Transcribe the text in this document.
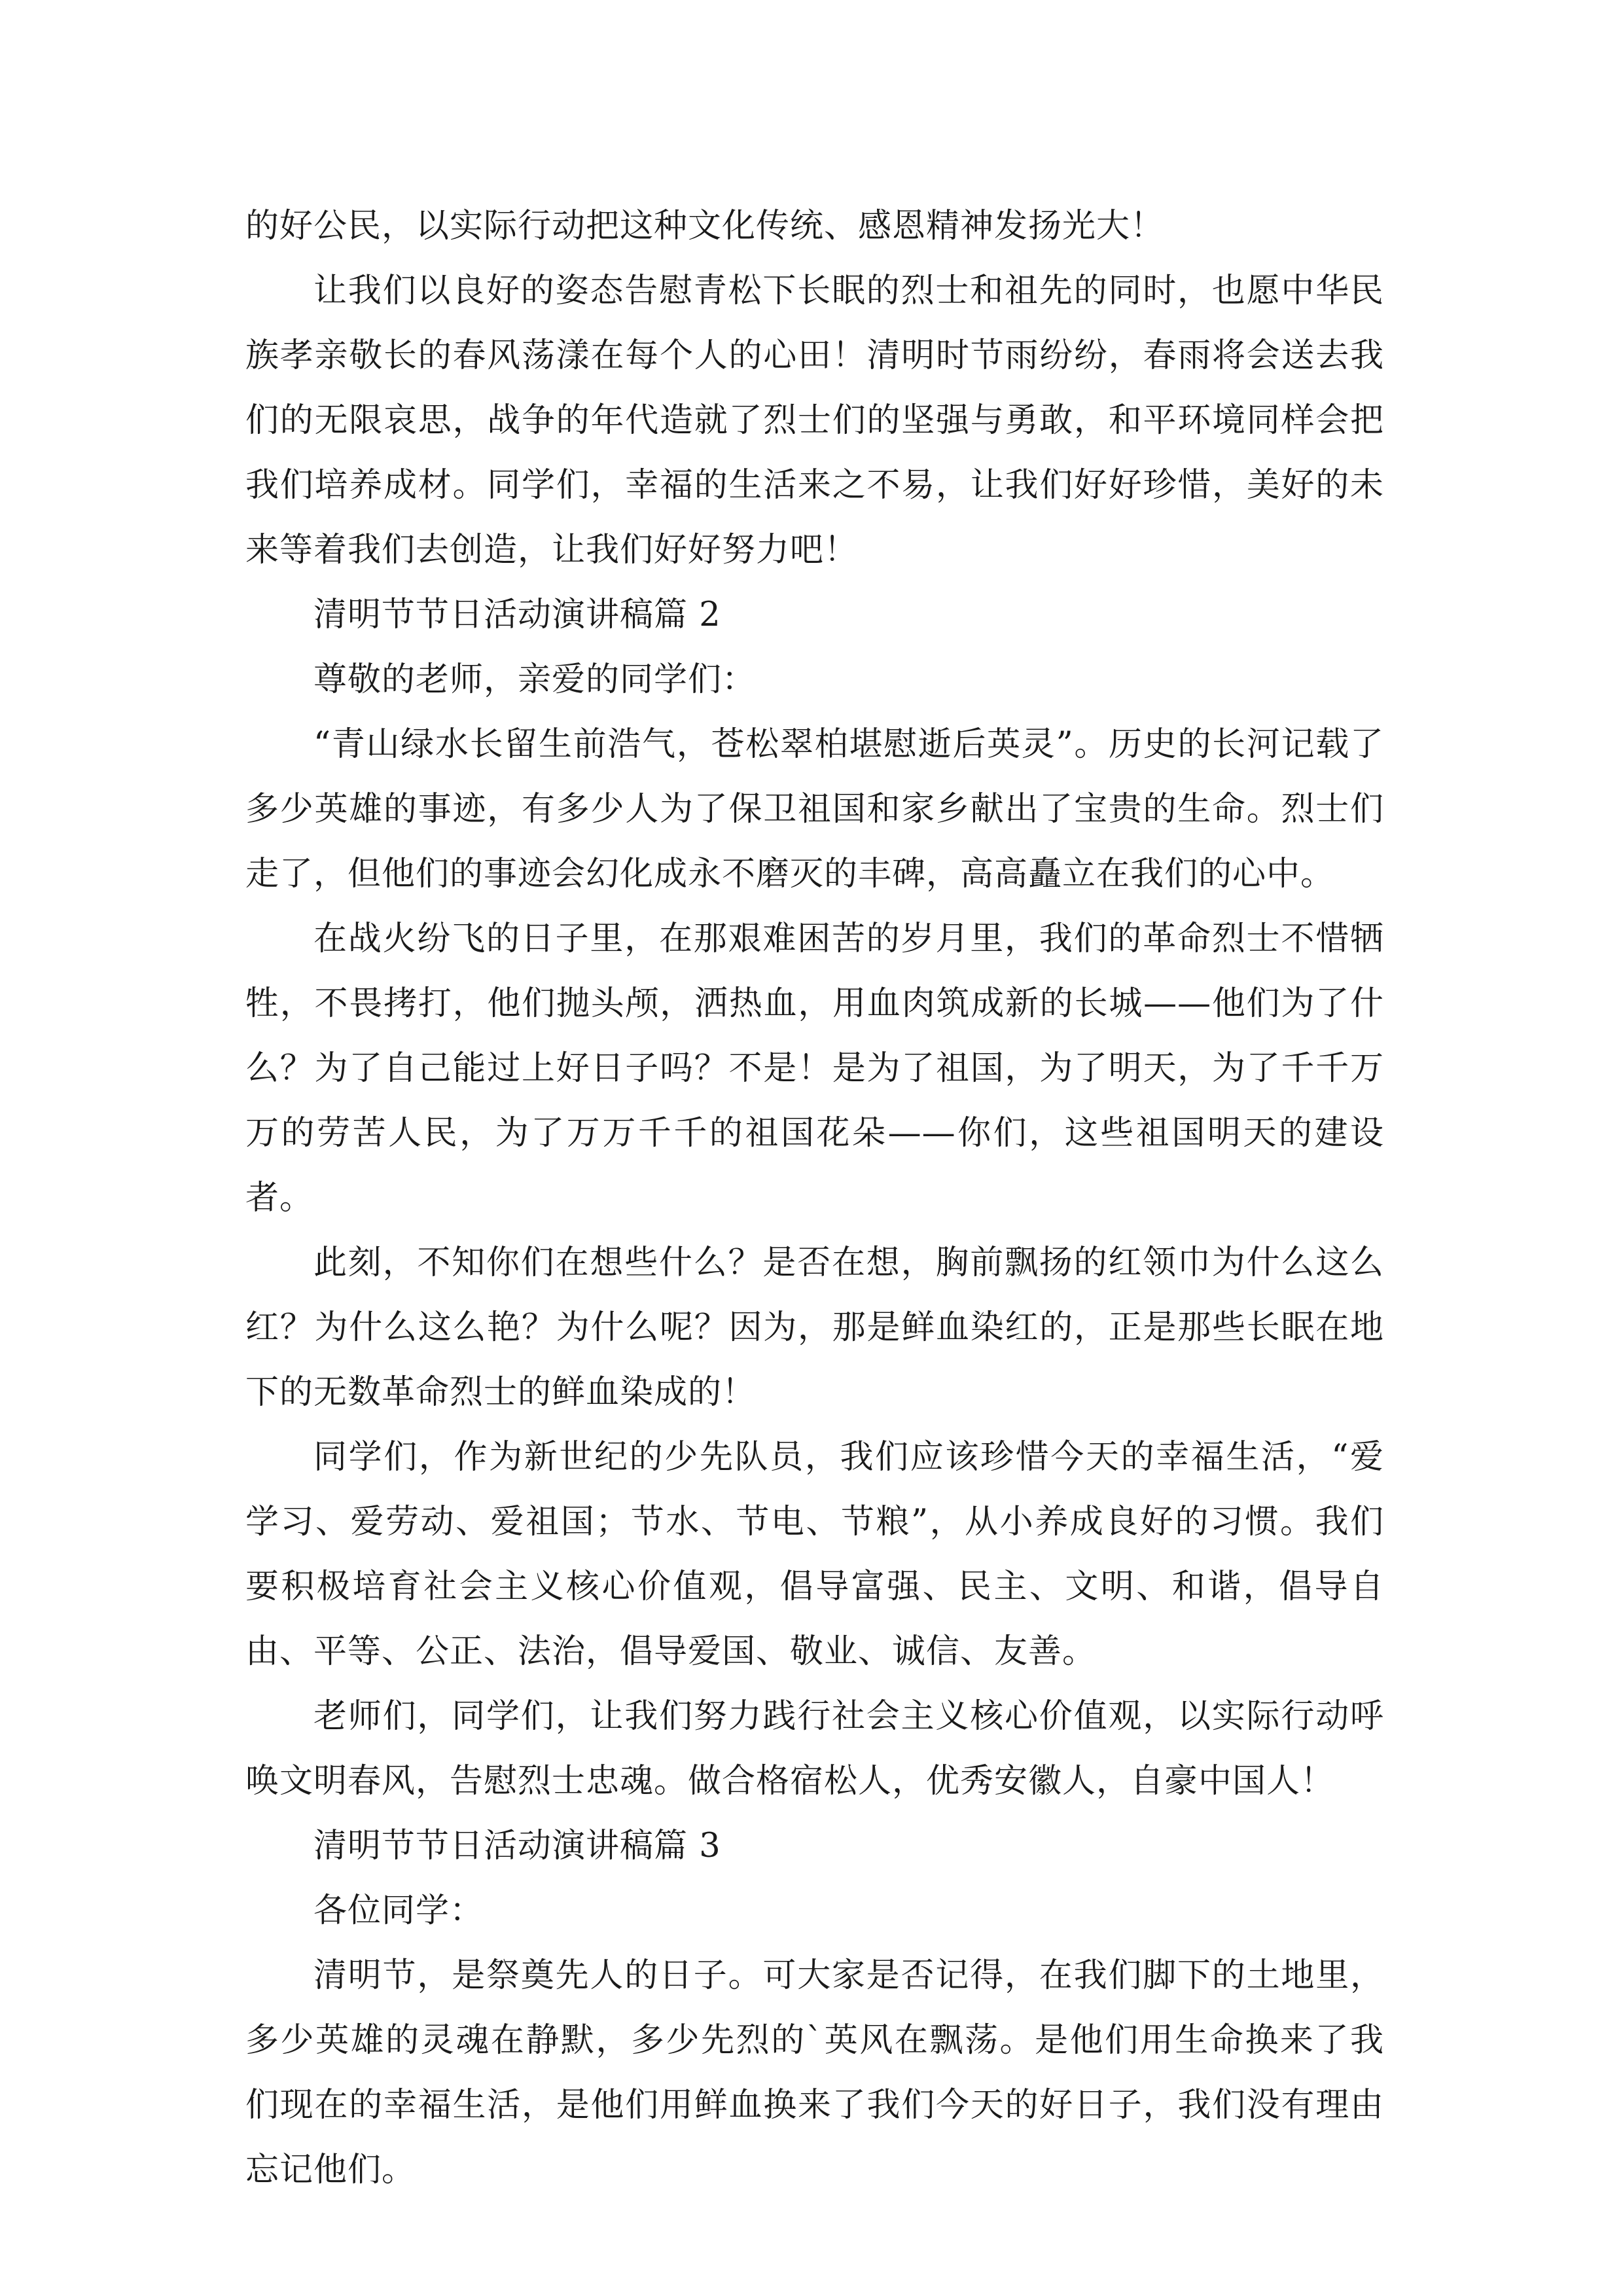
的好公民，以实际行动把这种文化传统、感恩精神发扬光大！

让我们以良好的姿态告慰青松下长眠的烈士和祖先的同时，也愿中华民族孝亲敬长的春风荡漾在每个人的心田！清明时节雨纷纷，春雨将会送去我们的无限哀思，战争的年代造就了烈士们的坚强与勇敢，和平环境同样会把我们培养成材。同学们，幸福的生活来之不易，让我们好好珍惜，美好的未来等着我们去创造，让我们好好努力吧！

清明节节日活动演讲稿篇 2

尊敬的老师，亲爱的同学们：

“青山绿水长留生前浩气，苍松翠柏堪慰逝后英灵”。历史的长河记载了多少英雄的事迹，有多少人为了保卫祖国和家乡献出了宝贵的生命。烈士们走了，但他们的事迹会幻化成永不磨灭的丰碑，高高矗立在我们的心中。

在战火纷飞的日子里，在那艰难困苦的岁月里，我们的革命烈士不惜牺牲，不畏拷打，他们抛头颅，洒热血，用血肉筑成新的长城——他们为了什么？为了自己能过上好日子吗？不是！是为了祖国，为了明天，为了千千万万的劳苦人民，为了万万千千的祖国花朵——你们，这些祖国明天的建设者。

此刻，不知你们在想些什么？是否在想，胸前飘扬的红领巾为什么这么红？为什么这么艳？为什么呢？因为，那是鲜血染红的，正是那些长眠在地下的无数革命烈士的鲜血染成的！

同学们，作为新世纪的少先队员，我们应该珍惜今天的幸福生活，“爱学习、爱劳动、爱祖国；节水、节电、节粮”，从小养成良好的习惯。我们要积极培育社会主义核心价值观，倡导富强、民主、文明、和谐，倡导自由、平等、公正、法治，倡导爱国、敬业、诚信、友善。

老师们，同学们，让我们努力践行社会主义核心价值观，以实际行动呼唤文明春风，告慰烈士忠魂。做合格宿松人，优秀安徽人，自豪中国人！

清明节节日活动演讲稿篇 3

各位同学：

清明节，是祭奠先人的日子。可大家是否记得，在我们脚下的土地里，多少英雄的灵魂在静默，多少先烈的`英风在飘荡。是他们用生命换来了我们现在的幸福生活，是他们用鲜血换来了我们今天的好日子，我们没有理由忘记他们。
